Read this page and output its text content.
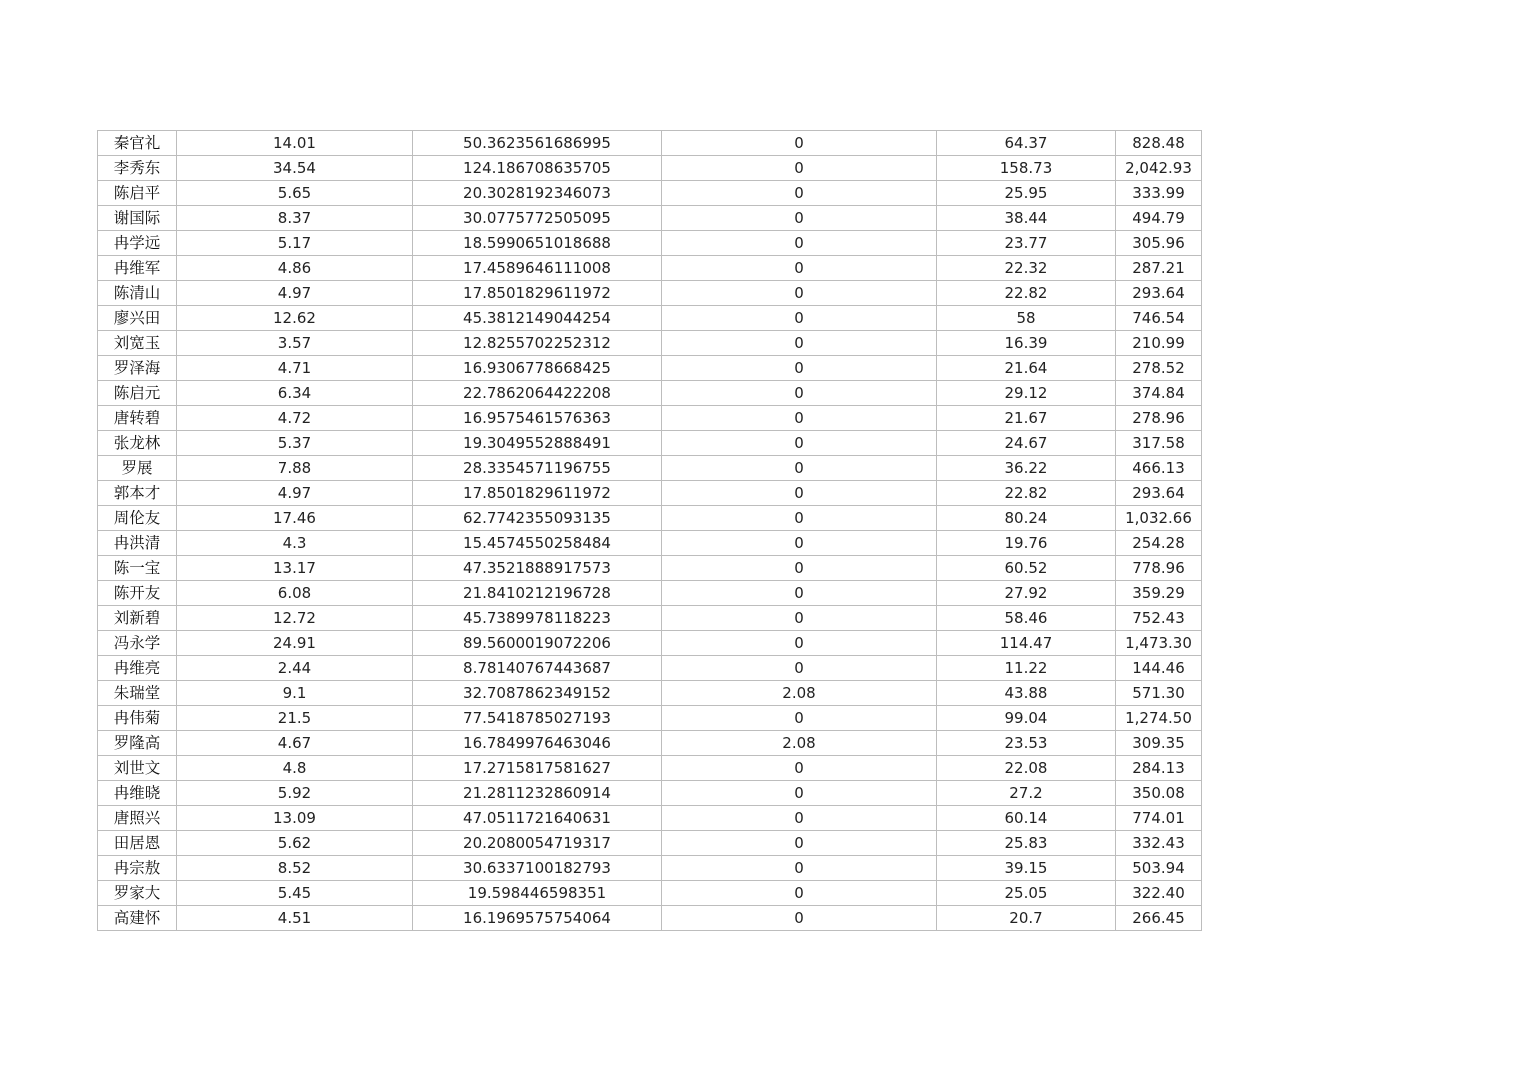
秦官礼	14.01	50.3623561686995	0	64.37	828.48
李秀东	34.54	124.186708635705	0	158.73	2,042.93
陈启平	5.65	20.3028192346073	0	25.95	333.99
谢国际	8.37	30.0775772505095	0	38.44	494.79
冉学远	5.17	18.5990651018688	0	23.77	305.96
冉维军	4.86	17.4589646111008	0	22.32	287.21
陈清山	4.97	17.8501829611972	0	22.82	293.64
廖兴田	12.62	45.3812149044254	0	58	746.54
刘宽玉	3.57	12.8255702252312	0	16.39	210.99
罗泽海	4.71	16.9306778668425	0	21.64	278.52
陈启元	6.34	22.7862064422208	0	29.12	374.84
唐转碧	4.72	16.9575461576363	0	21.67	278.96
张龙林	5.37	19.3049552888491	0	24.67	317.58
罗展	7.88	28.3354571196755	0	36.22	466.13
郭本才	4.97	17.8501829611972	0	22.82	293.64
周伦友	17.46	62.7742355093135	0	80.24	1,032.66
冉洪清	4.3	15.4574550258484	0	19.76	254.28
陈一宝	13.17	47.3521888917573	0	60.52	778.96
陈开友	6.08	21.8410212196728	0	27.92	359.29
刘新碧	12.72	45.7389978118223	0	58.46	752.43
冯永学	24.91	89.5600019072206	0	114.47	1,473.30
冉维亮	2.44	8.78140767443687	0	11.22	144.46
朱瑞堂	9.1	32.7087862349152	2.08	43.88	571.30
冉伟菊	21.5	77.5418785027193	0	99.04	1,274.50
罗隆高	4.67	16.7849976463046	2.08	23.53	309.35
刘世文	4.8	17.2715817581627	0	22.08	284.13
冉维晓	5.92	21.2811232860914	0	27.2	350.08
唐照兴	13.09	47.0511721640631	0	60.14	774.01
田居恩	5.62	20.2080054719317	0	25.83	332.43
冉宗敖	8.52	30.6337100182793	0	39.15	503.94
罗家大	5.45	19.598446598351	0	25.05	322.40
高建怀	4.51	16.1969575754064	0	20.7	266.45
